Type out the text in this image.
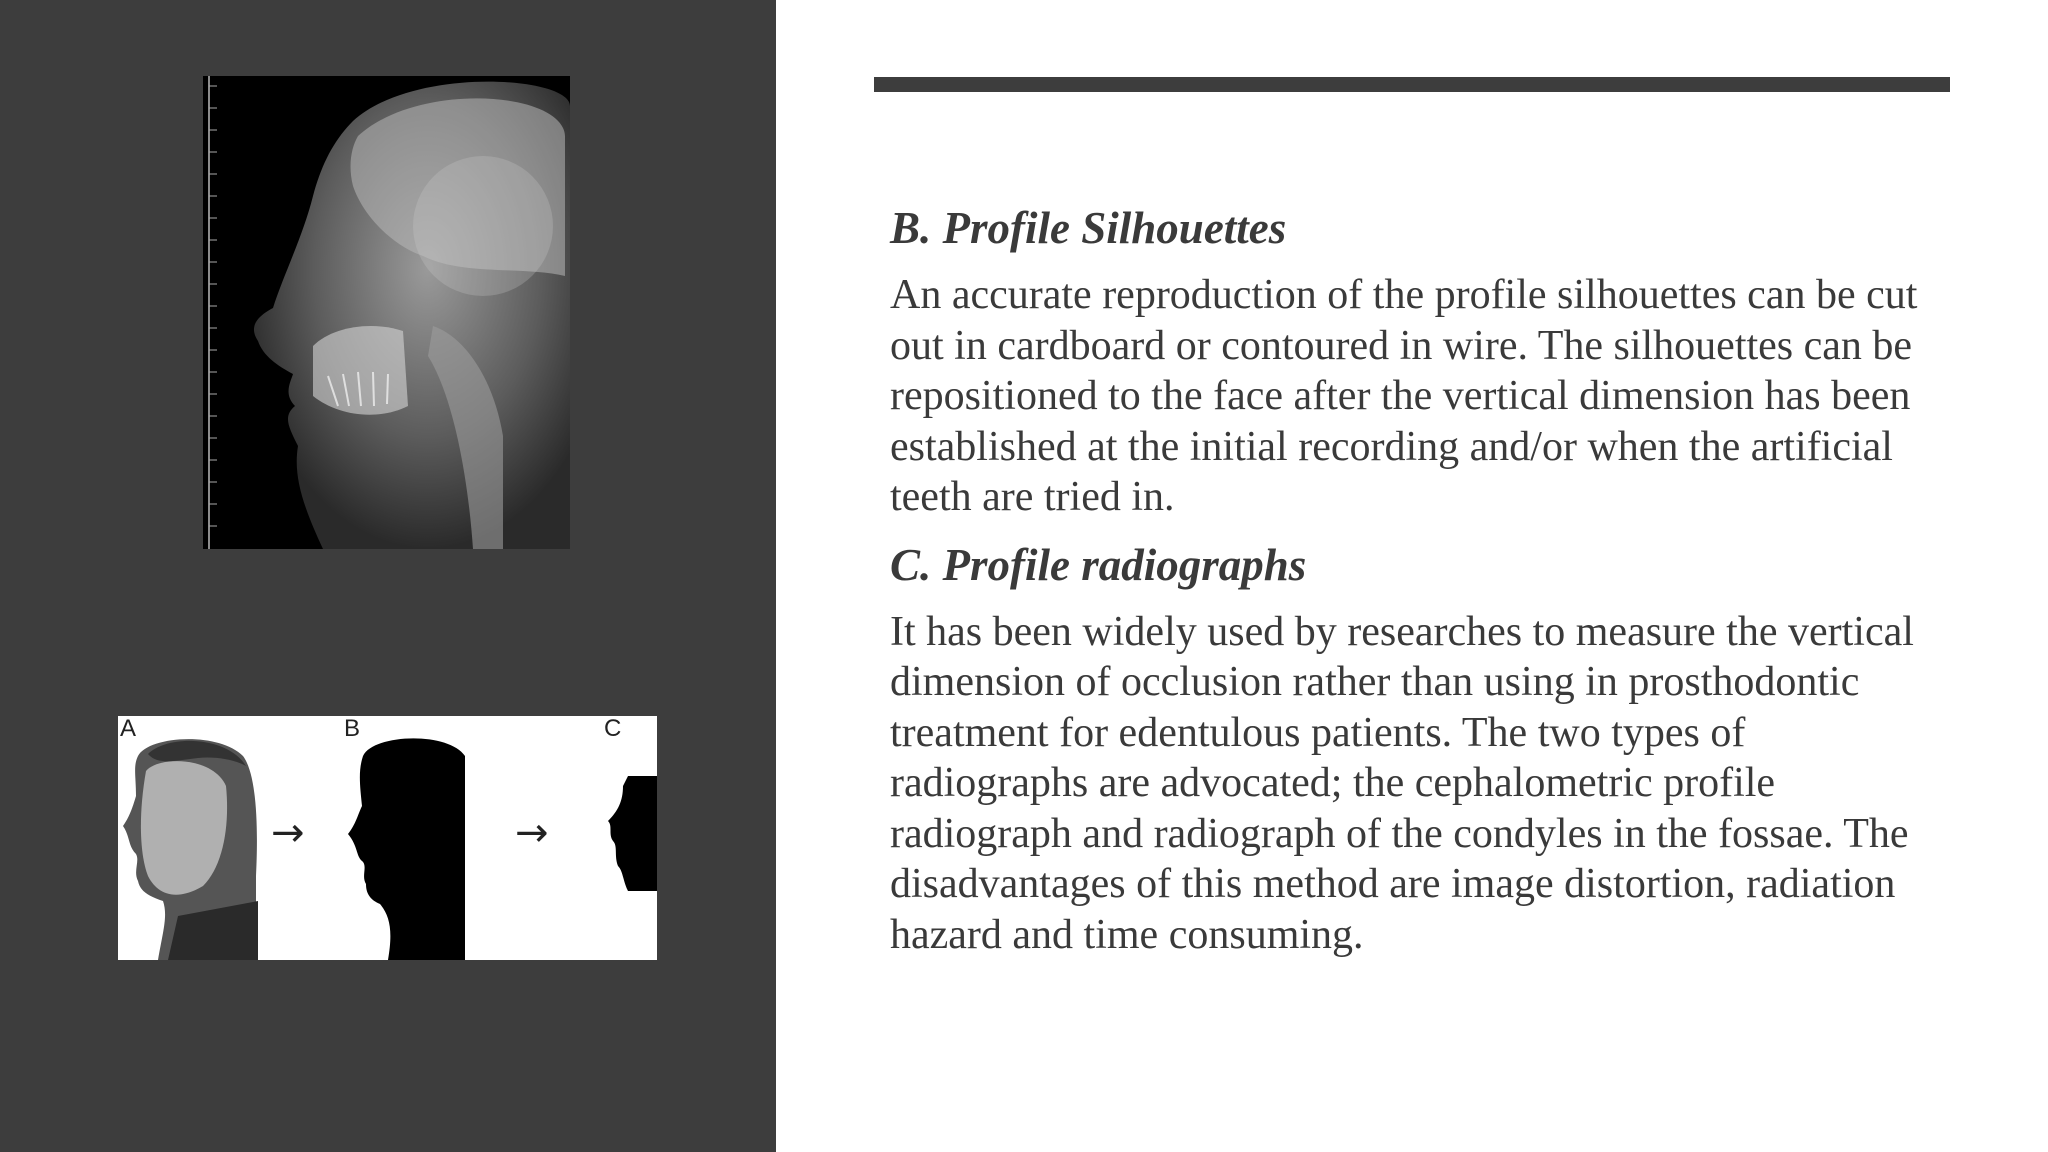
A	B	C
→	→
B. Profile Silhouettes

An accurate reproduction of the profile silhouettes can be cut out in cardboard or contoured in wire. The silhouettes can be repositioned to the face after the vertical dimension has been established at the initial recording and/or when the artificial teeth are tried in.

C. Profile radiographs

It has been widely used by researches to measure the vertical dimension of occlusion rather than using in prosthodontic treatment for edentulous patients. The two types of radiographs are advocated; the cephalometric profile radiograph and radiograph of the condyles in the fossae. The disadvantages of this method are image distortion, radiation hazard and time consuming.
